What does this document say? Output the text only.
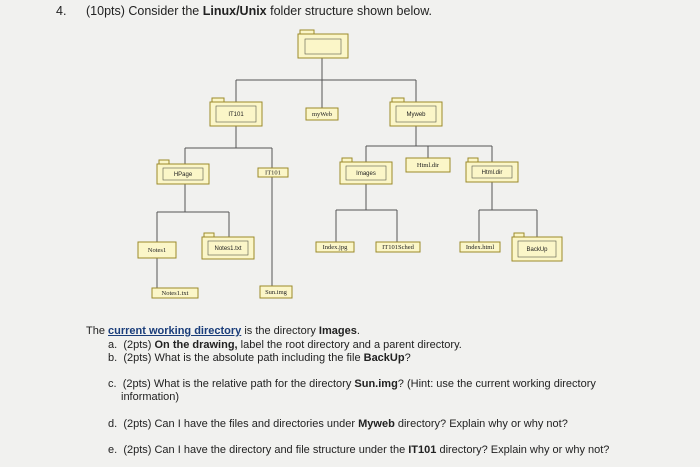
4. (10pts) Consider the Linux/Unix folder structure shown below.
IT101	myWeb	Myweb
HPage	IT101	Images
Html.dir
Html.dir
Notes1	Notes1.txt	Index.jpg	IT101Sched	Index.html	BackUp
Notes1.txt	Sun.img
The current working directory is the directory Images.
a. (2pts) On the drawing, label the root directory and a parent directory.
b. (2pts) What is the absolute path including the file BackUp?
c. (2pts) What is the relative path for the directory Sun.img? (Hint: use the current working directory
information)
d. (2pts) Can I have the files and directories under Myweb directory? Explain why or why not?
e. (2pts) Can I have the directory and file structure under the IT101 directory? Explain why or why not?
